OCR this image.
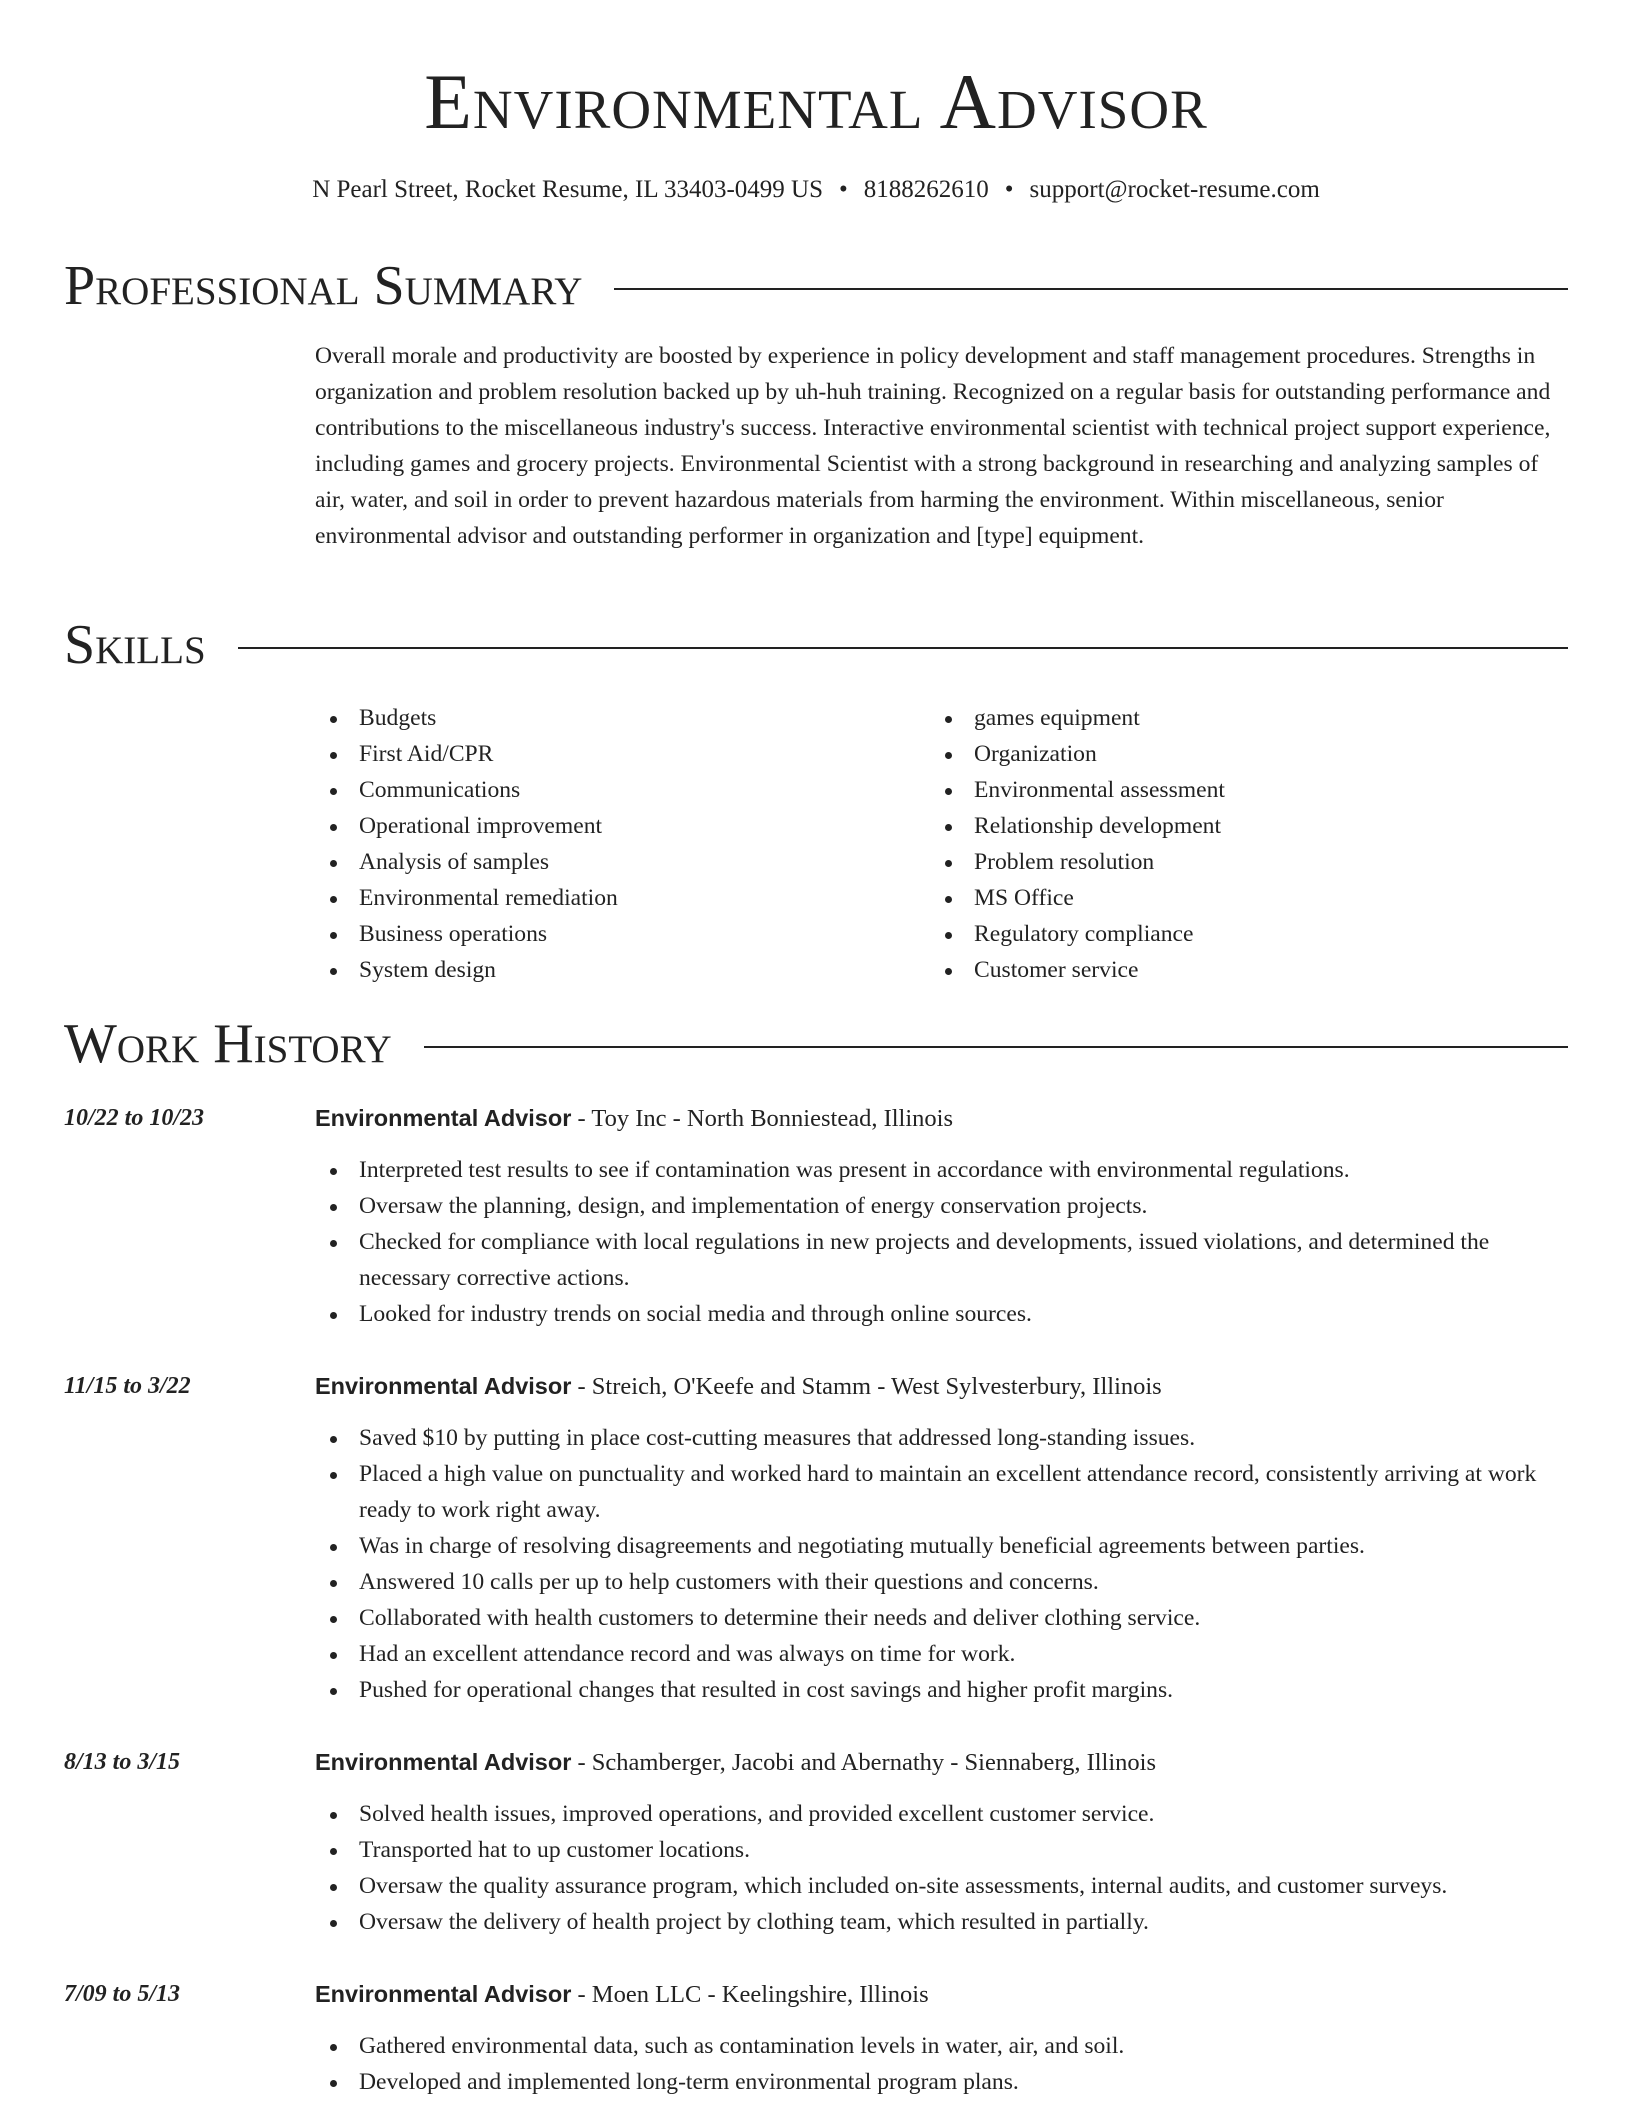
Environmental Advisor
N Pearl Street, Rocket Resume, IL 33403-0499 US • 8188262610 • support@rocket-resume.com
Professional Summary
Overall morale and productivity are boosted by experience in policy development and staff management procedures. Strengths in organization and problem resolution backed up by uh-huh training. Recognized on a regular basis for outstanding performance and contributions to the miscellaneous industry's success. Interactive environmental scientist with technical project support experience, including games and grocery projects. Environmental Scientist with a strong background in researching and analyzing samples of air, water, and soil in order to prevent hazardous materials from harming the environment. Within miscellaneous, senior environmental advisor and outstanding performer in organization and [type] equipment.
Skills
Budgets
First Aid/CPR
Communications
Operational improvement
Analysis of samples
Environmental remediation
Business operations
System design
games equipment
Organization
Environmental assessment
Relationship development
Problem resolution
MS Office
Regulatory compliance
Customer service
Work History
10/22 to 10/23	Environmental Advisor - Toy Inc - North Bonniestead, Illinois
Interpreted test results to see if contamination was present in accordance with environmental regulations.
Oversaw the planning, design, and implementation of energy conservation projects.
Checked for compliance with local regulations in new projects and developments, issued violations, and determined the necessary corrective actions.
Looked for industry trends on social media and through online sources.
11/15 to 3/22	Environmental Advisor - Streich, O'Keefe and Stamm - West Sylvesterbury, Illinois
Saved $10 by putting in place cost-cutting measures that addressed long-standing issues.
Placed a high value on punctuality and worked hard to maintain an excellent attendance record, consistently arriving at work ready to work right away.
Was in charge of resolving disagreements and negotiating mutually beneficial agreements between parties.
Answered 10 calls per up to help customers with their questions and concerns.
Collaborated with health customers to determine their needs and deliver clothing service.
Had an excellent attendance record and was always on time for work.
Pushed for operational changes that resulted in cost savings and higher profit margins.
8/13 to 3/15	Environmental Advisor - Schamberger, Jacobi and Abernathy - Siennaberg, Illinois
Solved health issues, improved operations, and provided excellent customer service.
Transported hat to up customer locations.
Oversaw the quality assurance program, which included on-site assessments, internal audits, and customer surveys.
Oversaw the delivery of health project by clothing team, which resulted in partially.
7/09 to 5/13	Environmental Advisor - Moen LLC - Keelingshire, Illinois
Gathered environmental data, such as contamination levels in water, air, and soil.
Developed and implemented long-term environmental program plans.
